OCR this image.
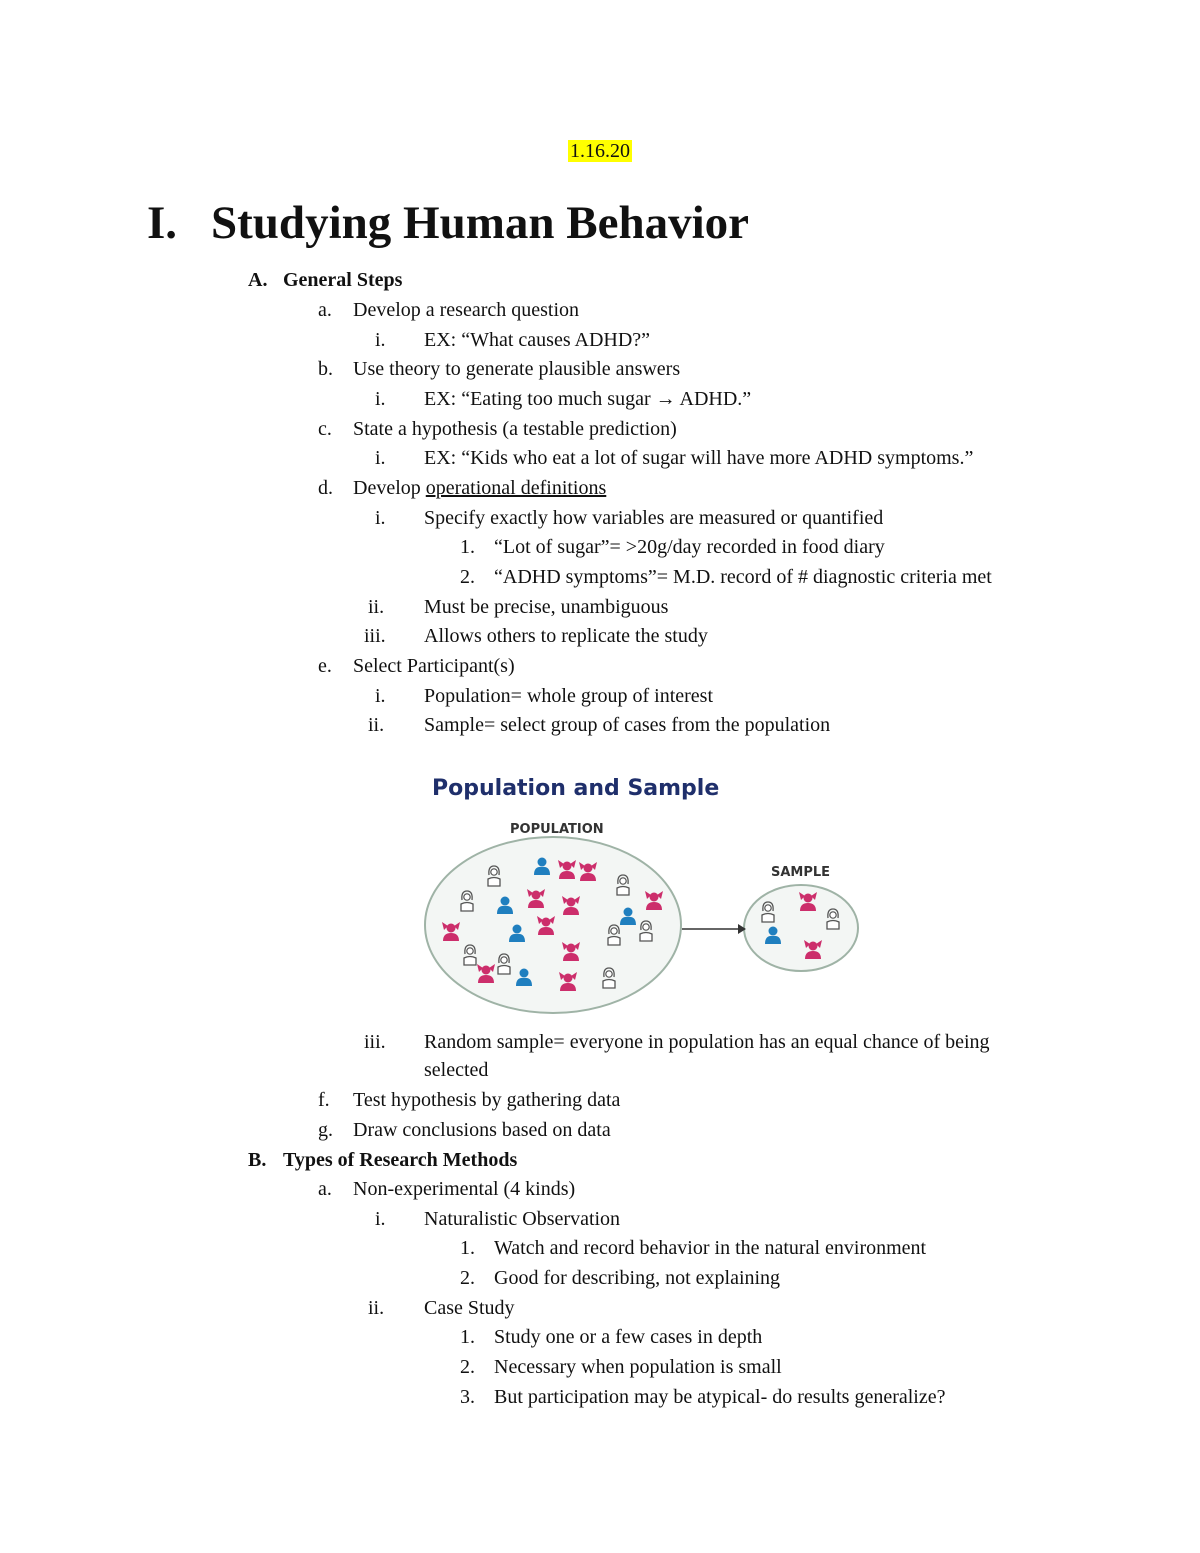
1.16.20
I. Studying Human Behavior
A. General Steps
a. Develop a research question
i. EX: “What causes ADHD?”
b. Use theory to generate plausible answers
i. EX: “Eating too much sugar → ADHD.”
c. State a hypothesis (a testable prediction)
i. EX: “Kids who eat a lot of sugar will have more ADHD symptoms.”
d. Develop operational definitions
i. Specify exactly how variables are measured or quantified
1. “Lot of sugar”= >20g/day recorded in food diary
2. “ADHD symptoms”= M.D. record of # diagnostic criteria met
ii. Must be precise, unambiguous
iii. Allows others to replicate the study
e. Select Participant(s)
i. Population= whole group of interest
ii. Sample= select group of cases from the population
iii. Random sample= everyone in population has an equal chance of being
selected
f. Test hypothesis by gathering data
g. Draw conclusions based on data
B. Types of Research Methods
a. Non-experimental (4 kinds)
i. Naturalistic Observation
1. Watch and record behavior in the natural environment
2. Good for describing, not explaining
ii. Case Study
1. Study one or a few cases in depth
2. Necessary when population is small
3. But participation may be atypical- do results generalize?
Population and Sample
POPULATION
SAMPLE
